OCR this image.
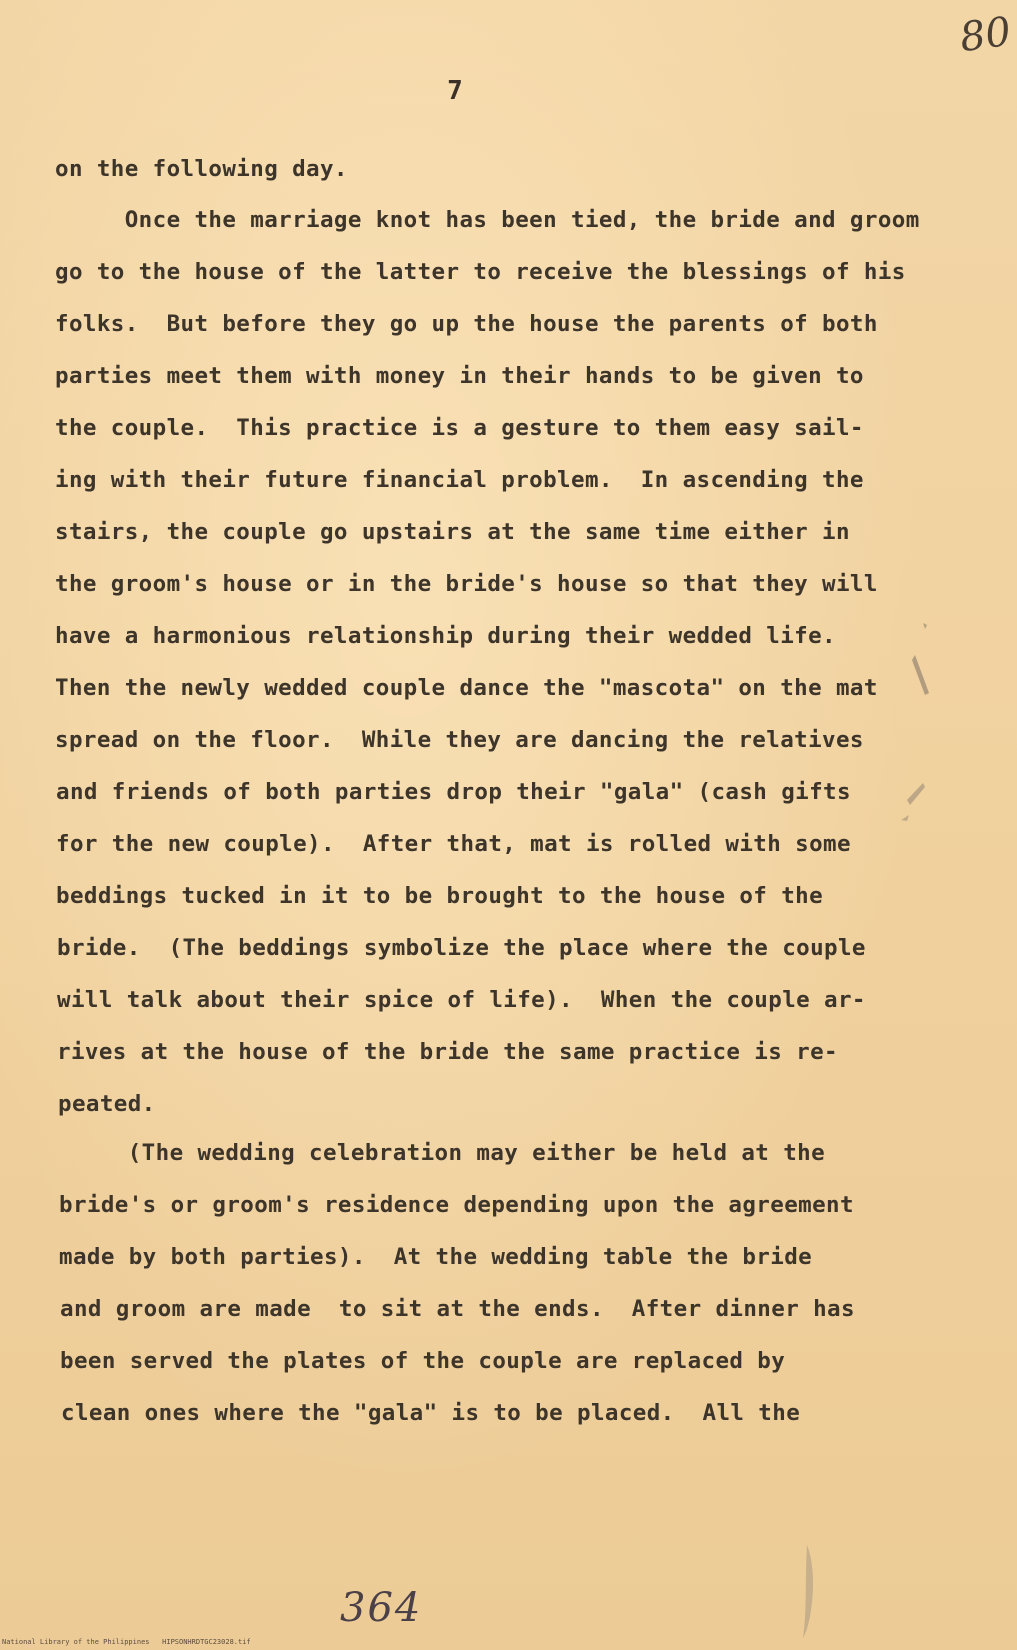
80
7
on the following day.
Once the marriage knot has been tied, the bride and groom
go to the house of the latter to receive the blessings of his
folks.  But before they go up the house the parents of both
parties meet them with money in their hands to be given to
the couple.  This practice is a gesture to them easy sail-
ing with their future financial problem.  In ascending the
stairs, the couple go upstairs at the same time either in
the groom's house or in the bride's house so that they will
have a harmonious relationship during their wedded life.
Then the newly wedded couple dance the "mascota" on the mat
spread on the floor.  While they are dancing the relatives
and friends of both parties drop their "gala" (cash gifts
for the new couple).  After that, mat is rolled with some
beddings tucked in it to be brought to the house of the
bride.  (The beddings symbolize the place where the couple
will talk about their spice of life).  When the couple ar-
rives at the house of the bride the same practice is re-
peated.
(The wedding celebration may either be held at the
bride's or groom's residence depending upon the agreement
made by both parties).  At the wedding table the bride
and groom are made  to sit at the ends.  After dinner has
been served the plates of the couple are replaced by
clean ones where the "gala" is to be placed.  All the
364
National Library of the Philippines   HIPSONHRDTGC23028.tif
